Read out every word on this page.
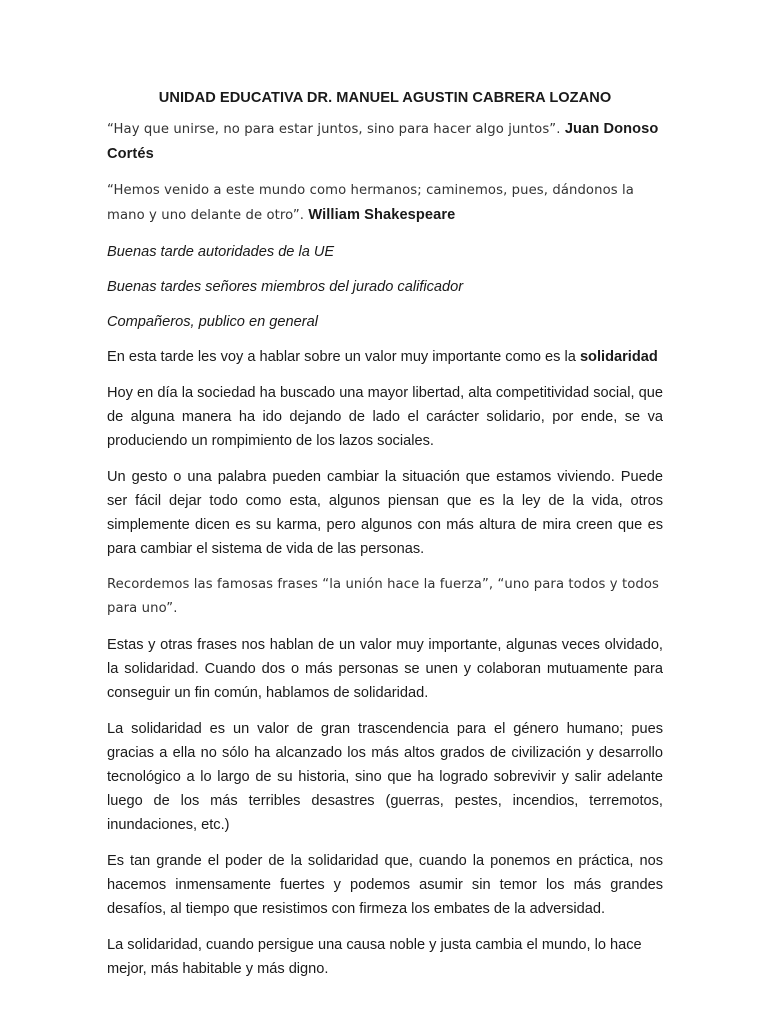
UNIDAD EDUCATIVA DR. MANUEL AGUSTIN CABRERA LOZANO

“Hay que unirse, no para estar juntos, sino para hacer algo juntos”. Juan Donoso Cortés

“Hemos venido a este mundo como hermanos; caminemos, pues, dándonos la mano y uno delante de otro”. William Shakespeare

Buenas tarde autoridades de la UE

Buenas tardes señores miembros del jurado calificador

Compañeros, publico en general

En esta tarde les voy a hablar sobre un valor muy importante como es la solidaridad

Hoy en día la sociedad ha buscado una mayor libertad, alta competitividad social, que de alguna manera ha ido dejando de lado el carácter solidario, por ende, se va produciendo un rompimiento de los lazos sociales.

Un gesto o una palabra pueden cambiar la situación que estamos viviendo. Puede ser fácil dejar todo como esta, algunos piensan que es la ley de la vida, otros simplemente dicen es su karma, pero algunos con más altura de mira creen que es para cambiar el sistema de vida de las personas.

Recordemos las famosas frases “la unión hace la fuerza”, “uno para todos y todos para uno”.

Estas y otras frases nos hablan de un valor muy importante, algunas veces olvidado, la solidaridad. Cuando dos o más personas se unen y colaboran mutuamente para conseguir un fin común, hablamos de solidaridad.

La solidaridad es un valor de gran trascendencia para el género humano; pues gracias a ella no sólo ha alcanzado los más altos grados de civilización y desarrollo tecnológico a lo largo de su historia, sino que ha logrado sobrevivir y salir adelante luego de los más terribles desastres (guerras, pestes, incendios, terremotos, inundaciones, etc.)

Es tan grande el poder de la solidaridad que, cuando la ponemos en práctica, nos hacemos inmensamente fuertes y podemos asumir sin temor los más grandes desafíos, al tiempo que resistimos con firmeza los embates de la adversidad.

La solidaridad, cuando persigue una causa noble y justa cambia el mundo, lo hace mejor, más habitable y más digno.
